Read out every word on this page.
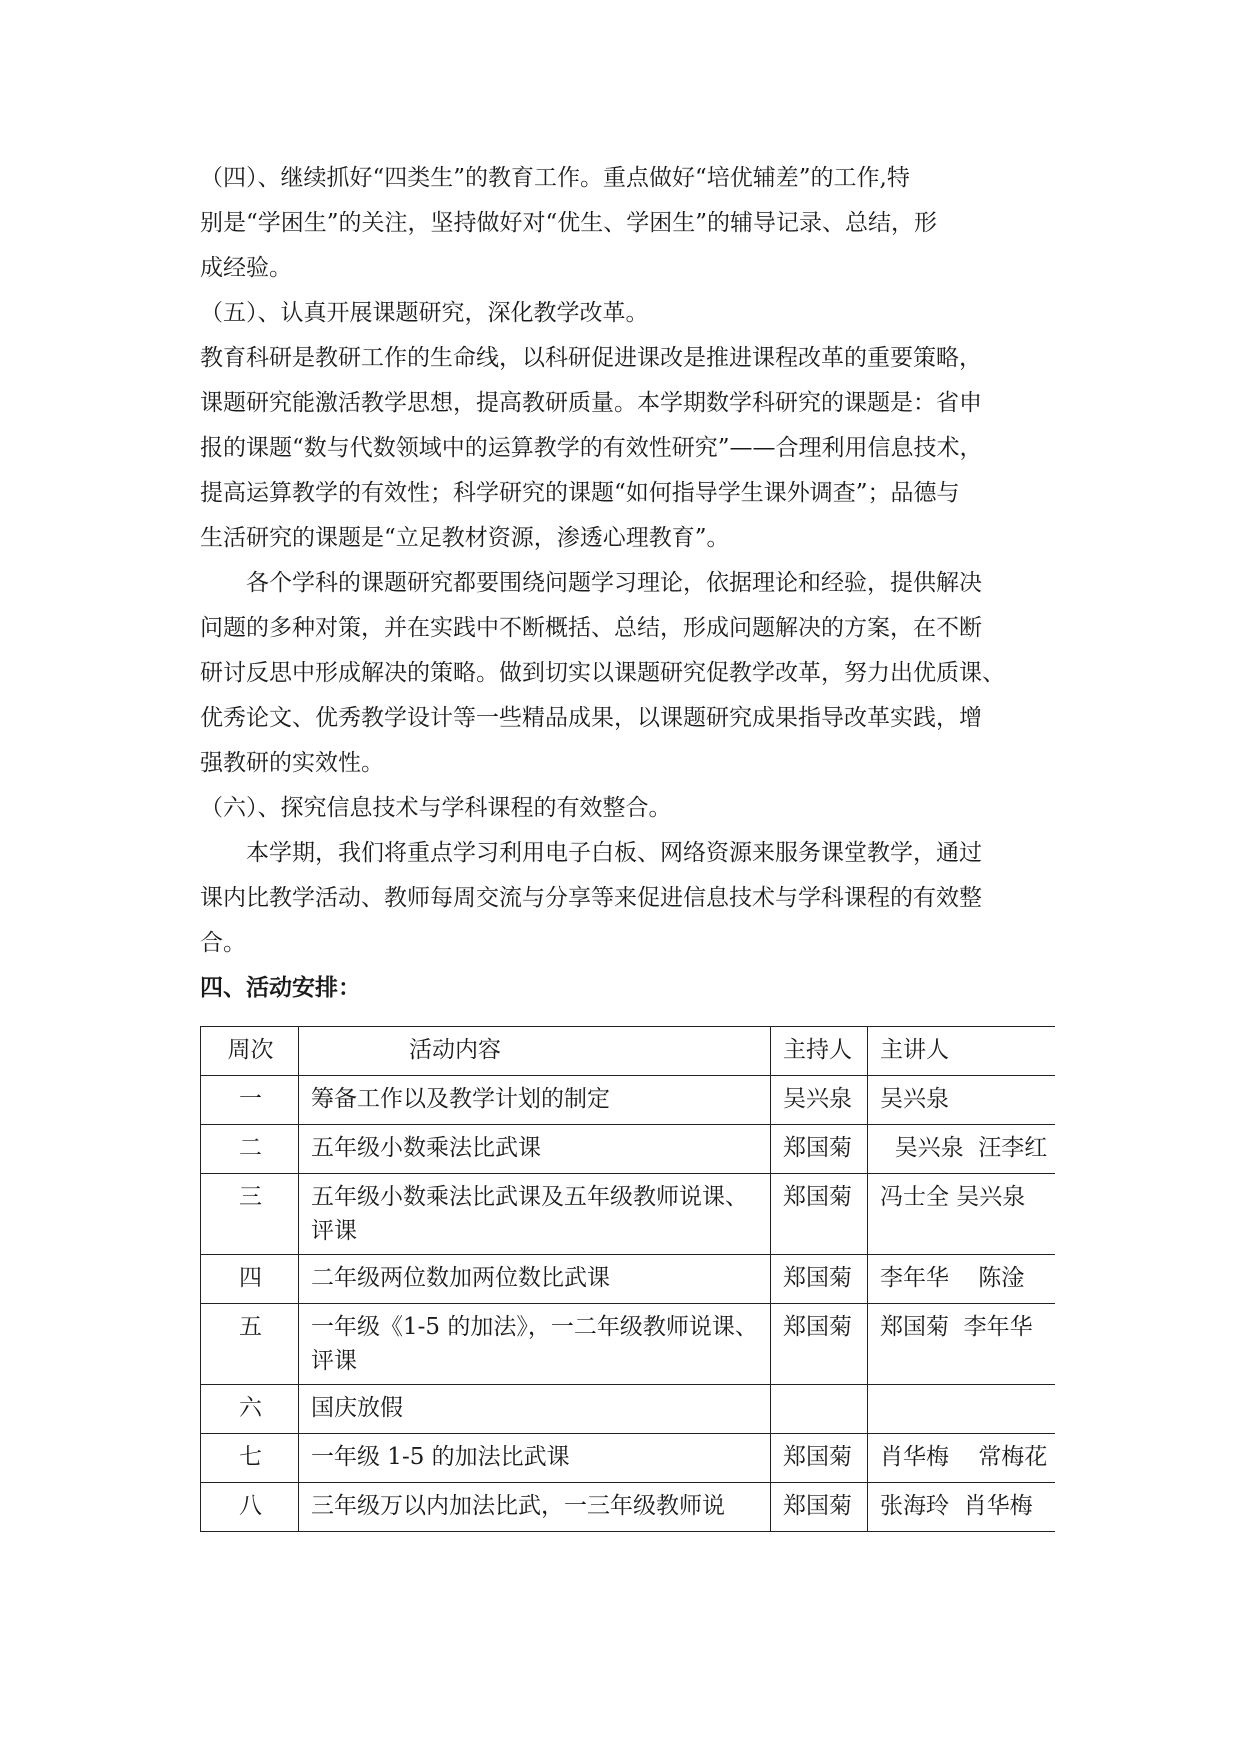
（四）、继续抓好“四类生”的教育工作。重点做好“培优辅差”的工作,特

别是“学困生”的关注，坚持做好对“优生、学困生”的辅导记录、总结，形

成经验。

（五）、认真开展课题研究，深化教学改革。

教育科研是教研工作的生命线，以科研促进课改是推进课程改革的重要策略，

课题研究能激活教学思想，提高教研质量。本学期数学科研究的课题是：省申

报的课题“数与代数领域中的运算教学的有效性研究”——合理利用信息技术，

提高运算教学的有效性；科学研究的课题“如何指导学生课外调查”；品德与

生活研究的课题是“立足教材资源，渗透心理教育”。

各个学科的课题研究都要围绕问题学习理论，依据理论和经验，提供解决

问题的多种对策，并在实践中不断概括、总结，形成问题解决的方案，在不断

研讨反思中形成解决的策略。做到切实以课题研究促教学改革，努力出优质课、

优秀论文、优秀教学设计等一些精品成果，以课题研究成果指导改革实践，增

强教研的实效性。

（六）、探究信息技术与学科课程的有效整合。

本学期，我们将重点学习利用电子白板、网络资源来服务课堂教学，通过

课内比教学活动、教师每周交流与分享等来促进信息技术与学科课程的有效整

合。

四、活动安排：

周次	活动内容	主持人	主讲人
一	筹备工作以及教学计划的制定	吴兴泉	吴兴泉
二	五年级小数乘法比武课	郑国菊	吴兴泉  汪李红
三	五年级小数乘法比武课及五年级教师说课、评课	郑国菊	冯士全 吴兴泉
四	二年级两位数加两位数比武课	郑国菊	李年华    陈淦
五	一年级《1-5 的加法》，一二年级教师说课、评课	郑国菊	郑国菊  李年华
六	国庆放假		
七	一年级 1-5 的加法比武课	郑国菊	肖华梅    常梅花
八	三年级万以内加法比武，一三年级教师说	郑国菊	张海玲  肖华梅
